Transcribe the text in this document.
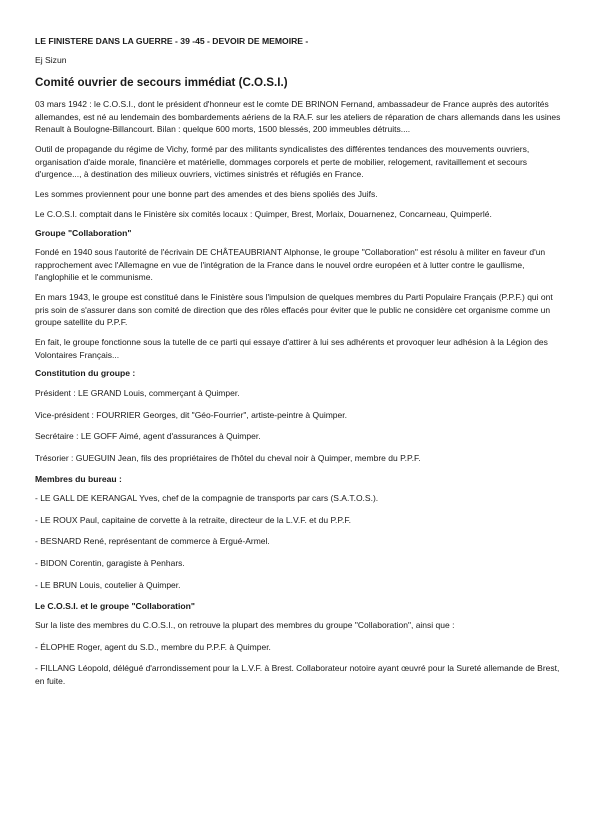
LE FINISTERE DANS LA GUERRE - 39 -45 - DEVOIR DE MEMOIRE -
Ej Sizun
Comité ouvrier de secours immédiat (C.O.S.I.)

03 mars 1942 : le C.O.S.I., dont le président d'honneur est le comte DE BRINON Fernand, ambassadeur de France auprès des autorités allemandes, est né au lendemain des bombardements aériens de la RA.F. sur les ateliers de réparation de chars allemands dans les usines Renault à Boulogne-Billancourt. Bilan : quelque 600 morts, 1500 blessés, 200 immeubles détruits....

Outil de propagande du régime de Vichy, formé par des militants syndicalistes des différentes tendances des mouvements ouvriers, organisation d'aide morale, financière et matérielle, dommages corporels et perte de mobilier, relogement, ravitaillement et secours d'urgence..., à destination des milieux ouvriers, victimes sinistrés et réfugiés en France.

Les sommes proviennent pour une bonne part des amendes et des biens spoliés des Juifs.

Le C.O.S.I. comptait dans le Finistère six comités locaux : Quimper, Brest, Morlaix, Douarnenez, Concarneau, Quimperlé.

Groupe "Collaboration"

Fondé en 1940 sous l'autorité de l'écrivain DE CHÂTEAUBRIANT Alphonse, le groupe "Collaboration" est résolu à militer en faveur d'un rapprochement avec l'Allemagne en vue de l'intégration de la France dans le nouvel ordre européen et à lutter contre le gaullisme, l'anglophilie et le communisme.

En mars 1943, le groupe est constitué dans le Finistère sous l'impulsion de quelques membres du Parti Populaire Français (P.P.F.) qui ont pris soin de s'assurer dans son comité de direction que des rôles effacés pour éviter que le public ne considère cet organisme comme un groupe satellite du P.P.F.

En fait, le groupe fonctionne sous la tutelle de ce parti qui essaye d'attirer à lui ses adhérents et provoquer leur adhésion à la Légion des Volontaires Français...

Constitution du groupe :
Président : LE GRAND Louis, commerçant à Quimper.
Vice-président : FOURRIER Georges, dit "Géo-Fourrier", artiste-peintre à Quimper.
Secrétaire : LE GOFF Aimé, agent d'assurances à Quimper.
Trésorier : GUEGUIN Jean, fils des propriétaires de l'hôtel du cheval noir à Quimper, membre du P.P.F.
Membres du bureau :
- LE GALL DE KERANGAL Yves, chef de la compagnie de transports par cars (S.A.T.O.S.).
- LE ROUX Paul, capitaine de corvette à la retraite, directeur de la L.V.F. et du P.P.F.
- BESNARD René, représentant de commerce à Ergué-Armel.
- BIDON Corentin, garagiste à Penhars.
- LE BRUN Louis, coutelier à Quimper.
Le C.O.S.I. et le groupe "Collaboration"
Sur la liste des membres du C.O.S.I., on retrouve la plupart des membres du groupe "Collaboration", ainsi que :
- ÉLOPHE Roger, agent du S.D., membre du P.P.F. à Quimper.
- FILLANG Léopold, délégué d'arrondissement pour la L.V.F. à Brest. Collaborateur notoire ayant œuvré pour la Sureté allemande de Brest, en fuite.
